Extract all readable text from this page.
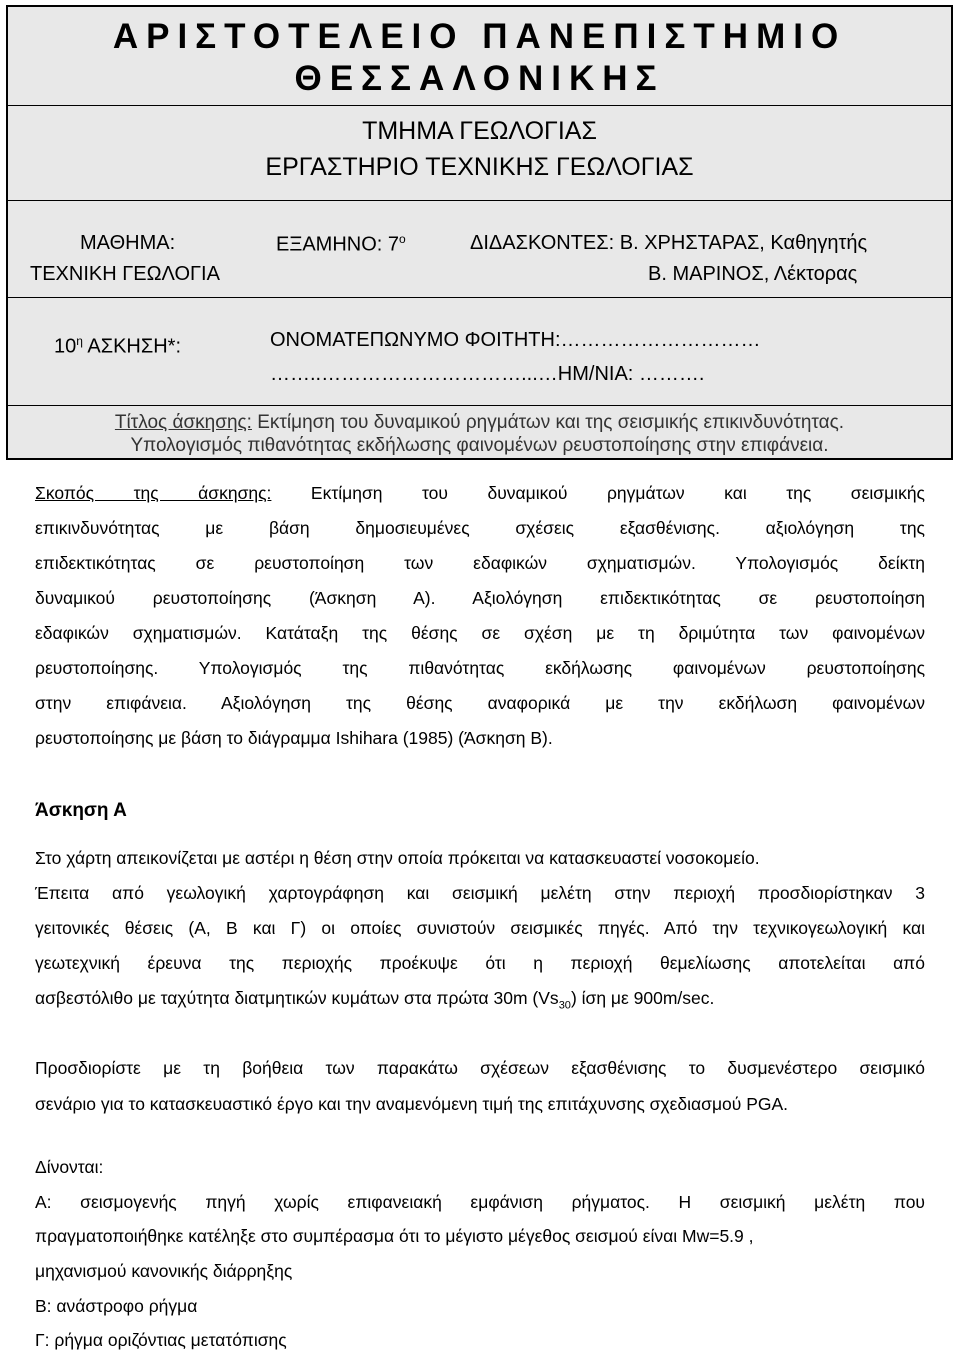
ΑΡΙΣΤΟΤΕΛΕΙΟ ΠΑΝΕΠΙΣΤΗΜΙΟ
ΘΕΣΣΑΛΟΝΙΚΗΣ
ΤΜΗΜΑ ΓΕΩΛΟΓΙΑΣ
ΕΡΓΑΣΤΗΡΙΟ ΤΕΧΝΙΚΗΣ ΓΕΩΛΟΓΙΑΣ
ΜΑΘΗΜΑ:
ΤΕΧΝΙΚΗ ΓΕΩΛΟΓΙΑ
ΕΞΑΜΗΝΟ: $7^o$	ΔΙΔΑΣΚΟΝΤΕΣ: Β. ΧΡΗΣΤΑΡΑΣ, Καθηγητής
Β. ΜΑΡΙΝΟΣ, Λέκτορας
$10^\eta$ ΑΣΚΗΣΗ*:	ΟΝΟΜΑΤΕΠΩΝΥΜΟ ΦΟΙΤΗΤΗ:…………………………
……..…………………………...…ΗΜ/ΝΙΑ: ……….
Τίτλος άσκησης: Εκτίμηση του δυναμικού ρηγμάτων και της σεισμικής επικινδυνότητας.
Υπολογισμός πιθανότητας εκδήλωσης φαινομένων ρευστοποίησης στην επιφάνεια.
Σκοπός της άσκησης: Εκτίμηση του δυναμικού ρηγμάτων και της σεισμικής
επικινδυνότητας με βάση δημοσιευμένες σχέσεις εξασθένισης. αξιολόγηση της
επιδεκτικότητας σε ρευστοποίηση των εδαφικών σχηματισμών. Υπολογισμός δείκτη
δυναμικού ρευστοποίησης (Άσκηση Α). Αξιολόγηση επιδεκτικότητας σε ρευστοποίηση
εδαφικών σχηματισμών. Κατάταξη της θέσης σε σχέση με τη δριμύτητα των φαινομένων
ρευστοποίησης. Υπολογισμός της πιθανότητας εκδήλωσης φαινομένων ρευστοποίησης
στην επιφάνεια. Αξιολόγηση της θέσης αναφορικά με την εκδήλωση φαινομένων
ρευστοποίησης με βάση το διάγραμμα Ishihara (1985) (Άσκηση Β).
Άσκηση Α
Στο χάρτη απεικονίζεται με αστέρι η θέση στην οποία πρόκειται να κατασκευαστεί νοσοκομείο.
Έπειτα από γεωλογική χαρτογράφηση και σεισμική μελέτη στην περιοχή προσδιορίστηκαν 3
γειτονικές θέσεις (Α, Β και Γ) οι οποίες συνιστούν σεισμικές πηγές. Από την τεχνικογεωλογική και
γεωτεχνική έρευνα της περιοχής προέκυψε ότι η περιοχή θεμελίωσης αποτελείται από
ασβεστόλιθο με ταχύτητα διατμητικών κυμάτων στα πρώτα 30m $(Vs_{30})$ ίση με 900m/sec.
Προσδιορίστε με τη βοήθεια των παρακάτω σχέσεων εξασθένισης το δυσμενέστερο σεισμικό
σενάριο για το κατασκευαστικό έργο και την αναμενόμενη τιμή της επιτάχυνσης σχεδιασμού PGA.
Δίνονται:
Α: σεισμογενής πηγή χωρίς επιφανειακή εμφάνιση ρήγματος. Η σεισμική μελέτη που
πραγματοποιήθηκε κατέληξε στο συμπέρασμα ότι το μέγιστο μέγεθος σεισμού είναι Mw=5.9 ,
μηχανισμού κανονικής διάρρηξης
Β: ανάστροφο ρήγμα
Γ: ρήγμα οριζόντιας μετατόπισης
